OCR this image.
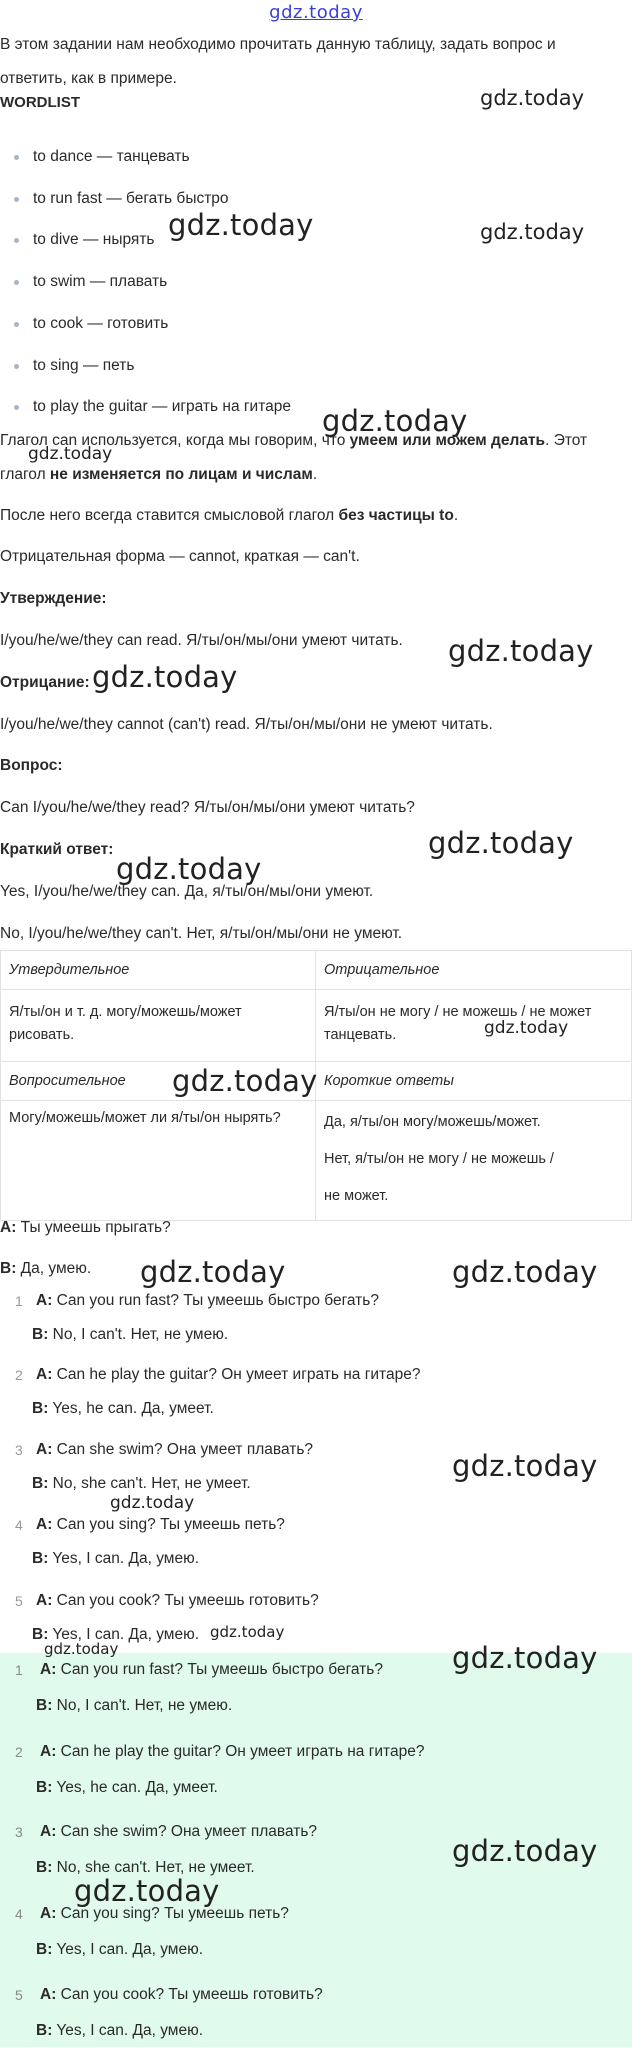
gdz.today
В этом задании нам необходимо прочитать данную таблицу, задать вопрос и ответить, как в примере.
WORDLIST
to dance — танцевать
to run fast — бегать быстро
to dive — нырять
to swim — плавать
to cook — готовить
to sing — петь
to play the guitar — играть на гитаре
Глагол can используется, когда мы говорим, что умеем или можем делать. Этот глагол не изменяется по лицам и числам.
После него всегда ставится смысловой глагол без частицы to.
Отрицательная форма — cannot, краткая — can't.
Утверждение:
I/you/he/we/they can read. Я/ты/он/мы/они умеют читать.
Отрицание:
I/you/he/we/they cannot (can't) read. Я/ты/он/мы/они не умеют читать.
Вопрос:
Can I/you/he/we/they read? Я/ты/он/мы/они умеют читать?
Краткий ответ:
Yes, I/you/he/we/they can. Да, я/ты/он/мы/они умеют.
No, I/you/he/we/they can't. Нет, я/ты/он/мы/они не умеют.
Утвердительное	Отрицательное
Я/ты/он и т. д. могу/можешь/может
рисовать.	Я/ты/он не могу / не можешь / не может
танцевать.
Вопросительное	Короткие ответы
Могу/можешь/может ли я/ты/он нырять?	Да, я/ты/он могу/можешь/может.
Нет, я/ты/он не могу / не можешь /
не может.
A: Ты умеешь прыгать?
B: Да, умею.
1 A: Can you run fast? Ты умеешь быстро бегать?
B: No, I can't. Нет, не умею.
2 A: Can he play the guitar? Он умеет играть на гитаре?
B: Yes, he can. Да, умеет.
3 A: Can she swim? Она умеет плавать?
B: No, she can't. Нет, не умеет.
4 A: Can you sing? Ты умеешь петь?
B: Yes, I can. Да, умею.
5 A: Can you cook? Ты умеешь готовить?
B: Yes, I can. Да, умею.
1 A: Can you run fast? Ты умеешь быстро бегать?
B: No, I can't. Нет, не умею.
2 A: Can he play the guitar? Он умеет играть на гитаре?
B: Yes, he can. Да, умеет.
3 A: Can she swim? Она умеет плавать?
B: No, she can't. Нет, не умеет.
4 A: Can you sing? Ты умеешь петь?
B: Yes, I can. Да, умею.
5 A: Can you cook? Ты умеешь готовить?
B: Yes, I can. Да, умею.
gdz.today
gdz.today	gdz.today
gdz.today
gdz.today
gdz.today
gdz.today
gdz.today
gdz.today
gdz.today
gdz.today
gdz.today	gdz.today
gdz.today
gdz.today
gdz.today
gdz.today	gdz.today
gdz.today
gdz.today
